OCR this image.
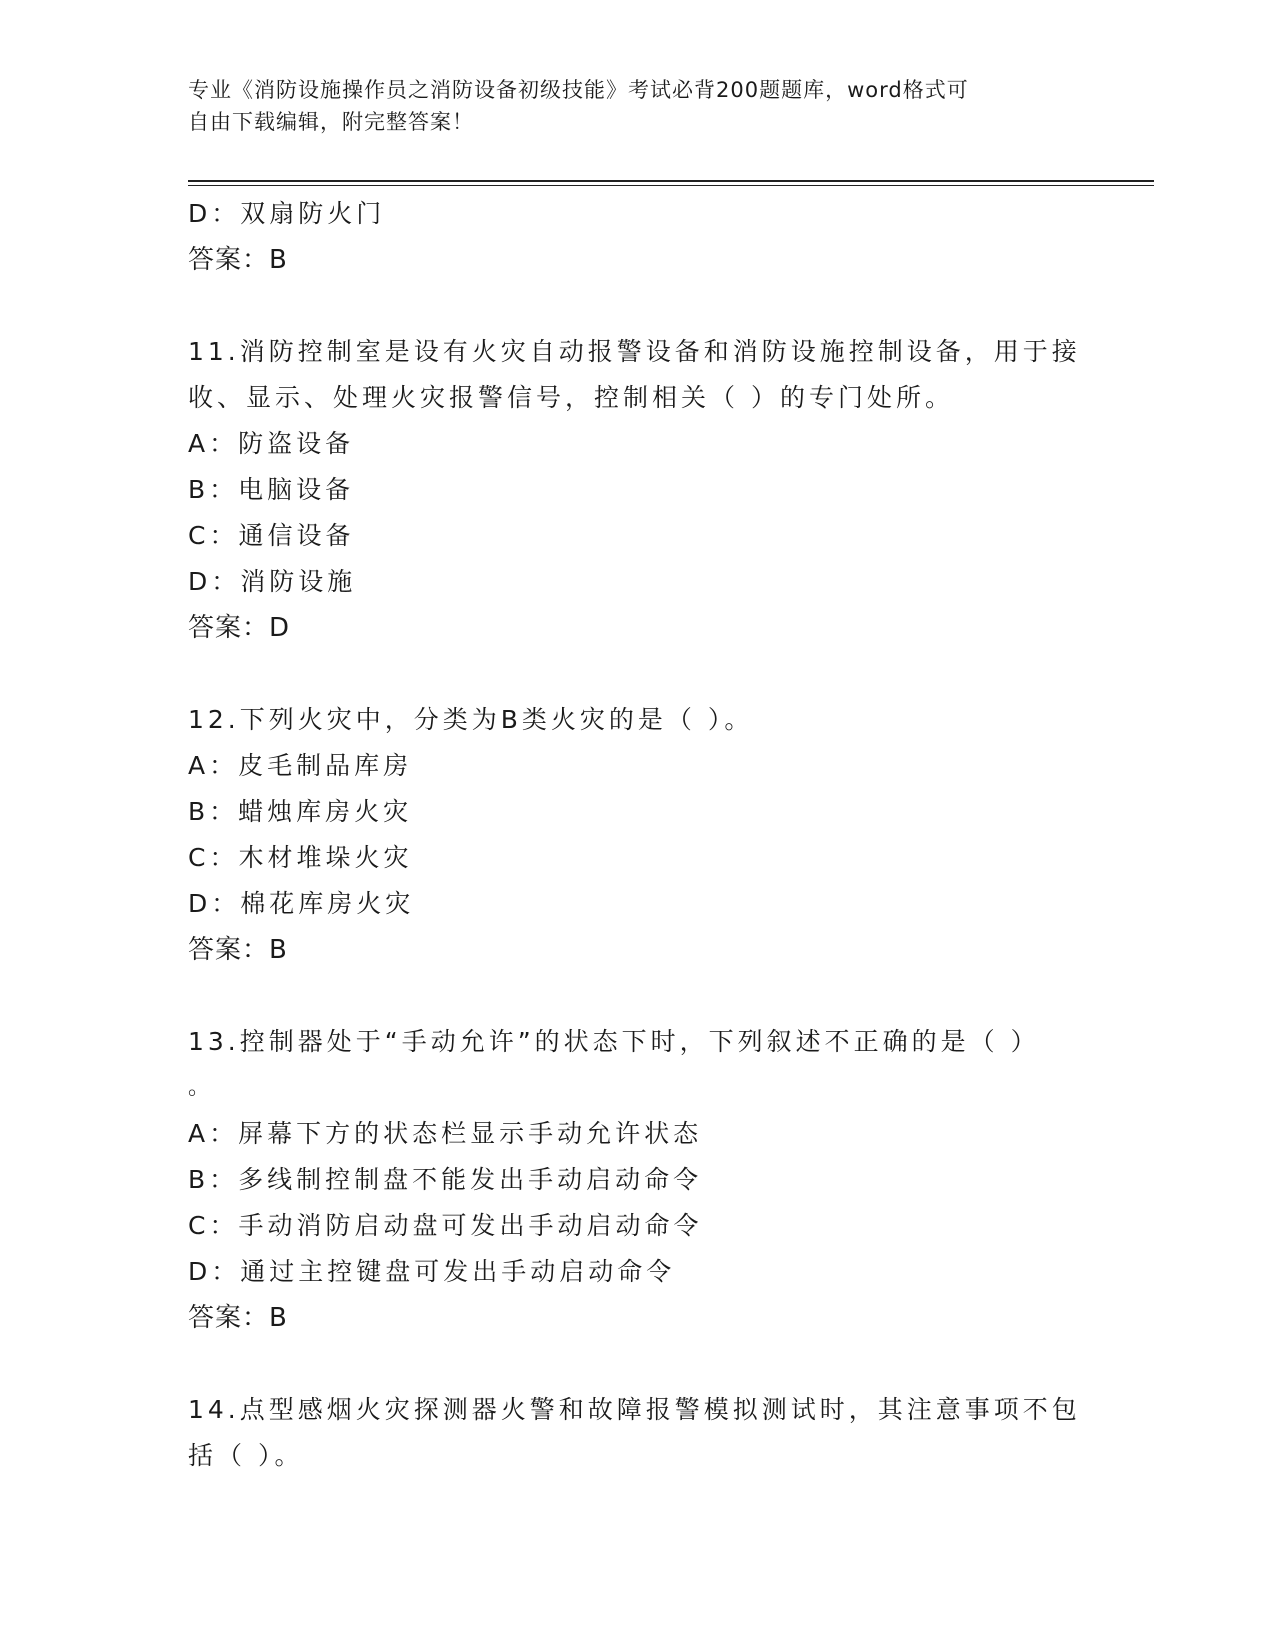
专业《消防设施操作员之消防设备初级技能》考试必背200题题库，word格式可
自由下载编辑，附完整答案！
D：双扇防火门
答案：B
11.消防控制室是设有火灾自动报警设备和消防设施控制设备，用于接
收、显示、处理火灾报警信号，控制相关（ ）的专门处所。
A：防盗设备
B：电脑设备
C：通信设备
D：消防设施
答案：D
12.下列火灾中，分类为B类火灾的是（ ）。
A：皮毛制品库房
B：蜡烛库房火灾
C：木材堆垛火灾
D：棉花库房火灾
答案：B
13.控制器处于“手动允许”的状态下时，下列叙述不正确的是（ ）
。
A：屏幕下方的状态栏显示手动允许状态
B：多线制控制盘不能发出手动启动命令
C：手动消防启动盘可发出手动启动命令
D：通过主控键盘可发出手动启动命令
答案：B
14.点型感烟火灾探测器火警和故障报警模拟测试时，其注意事项不包
括（ ）。
